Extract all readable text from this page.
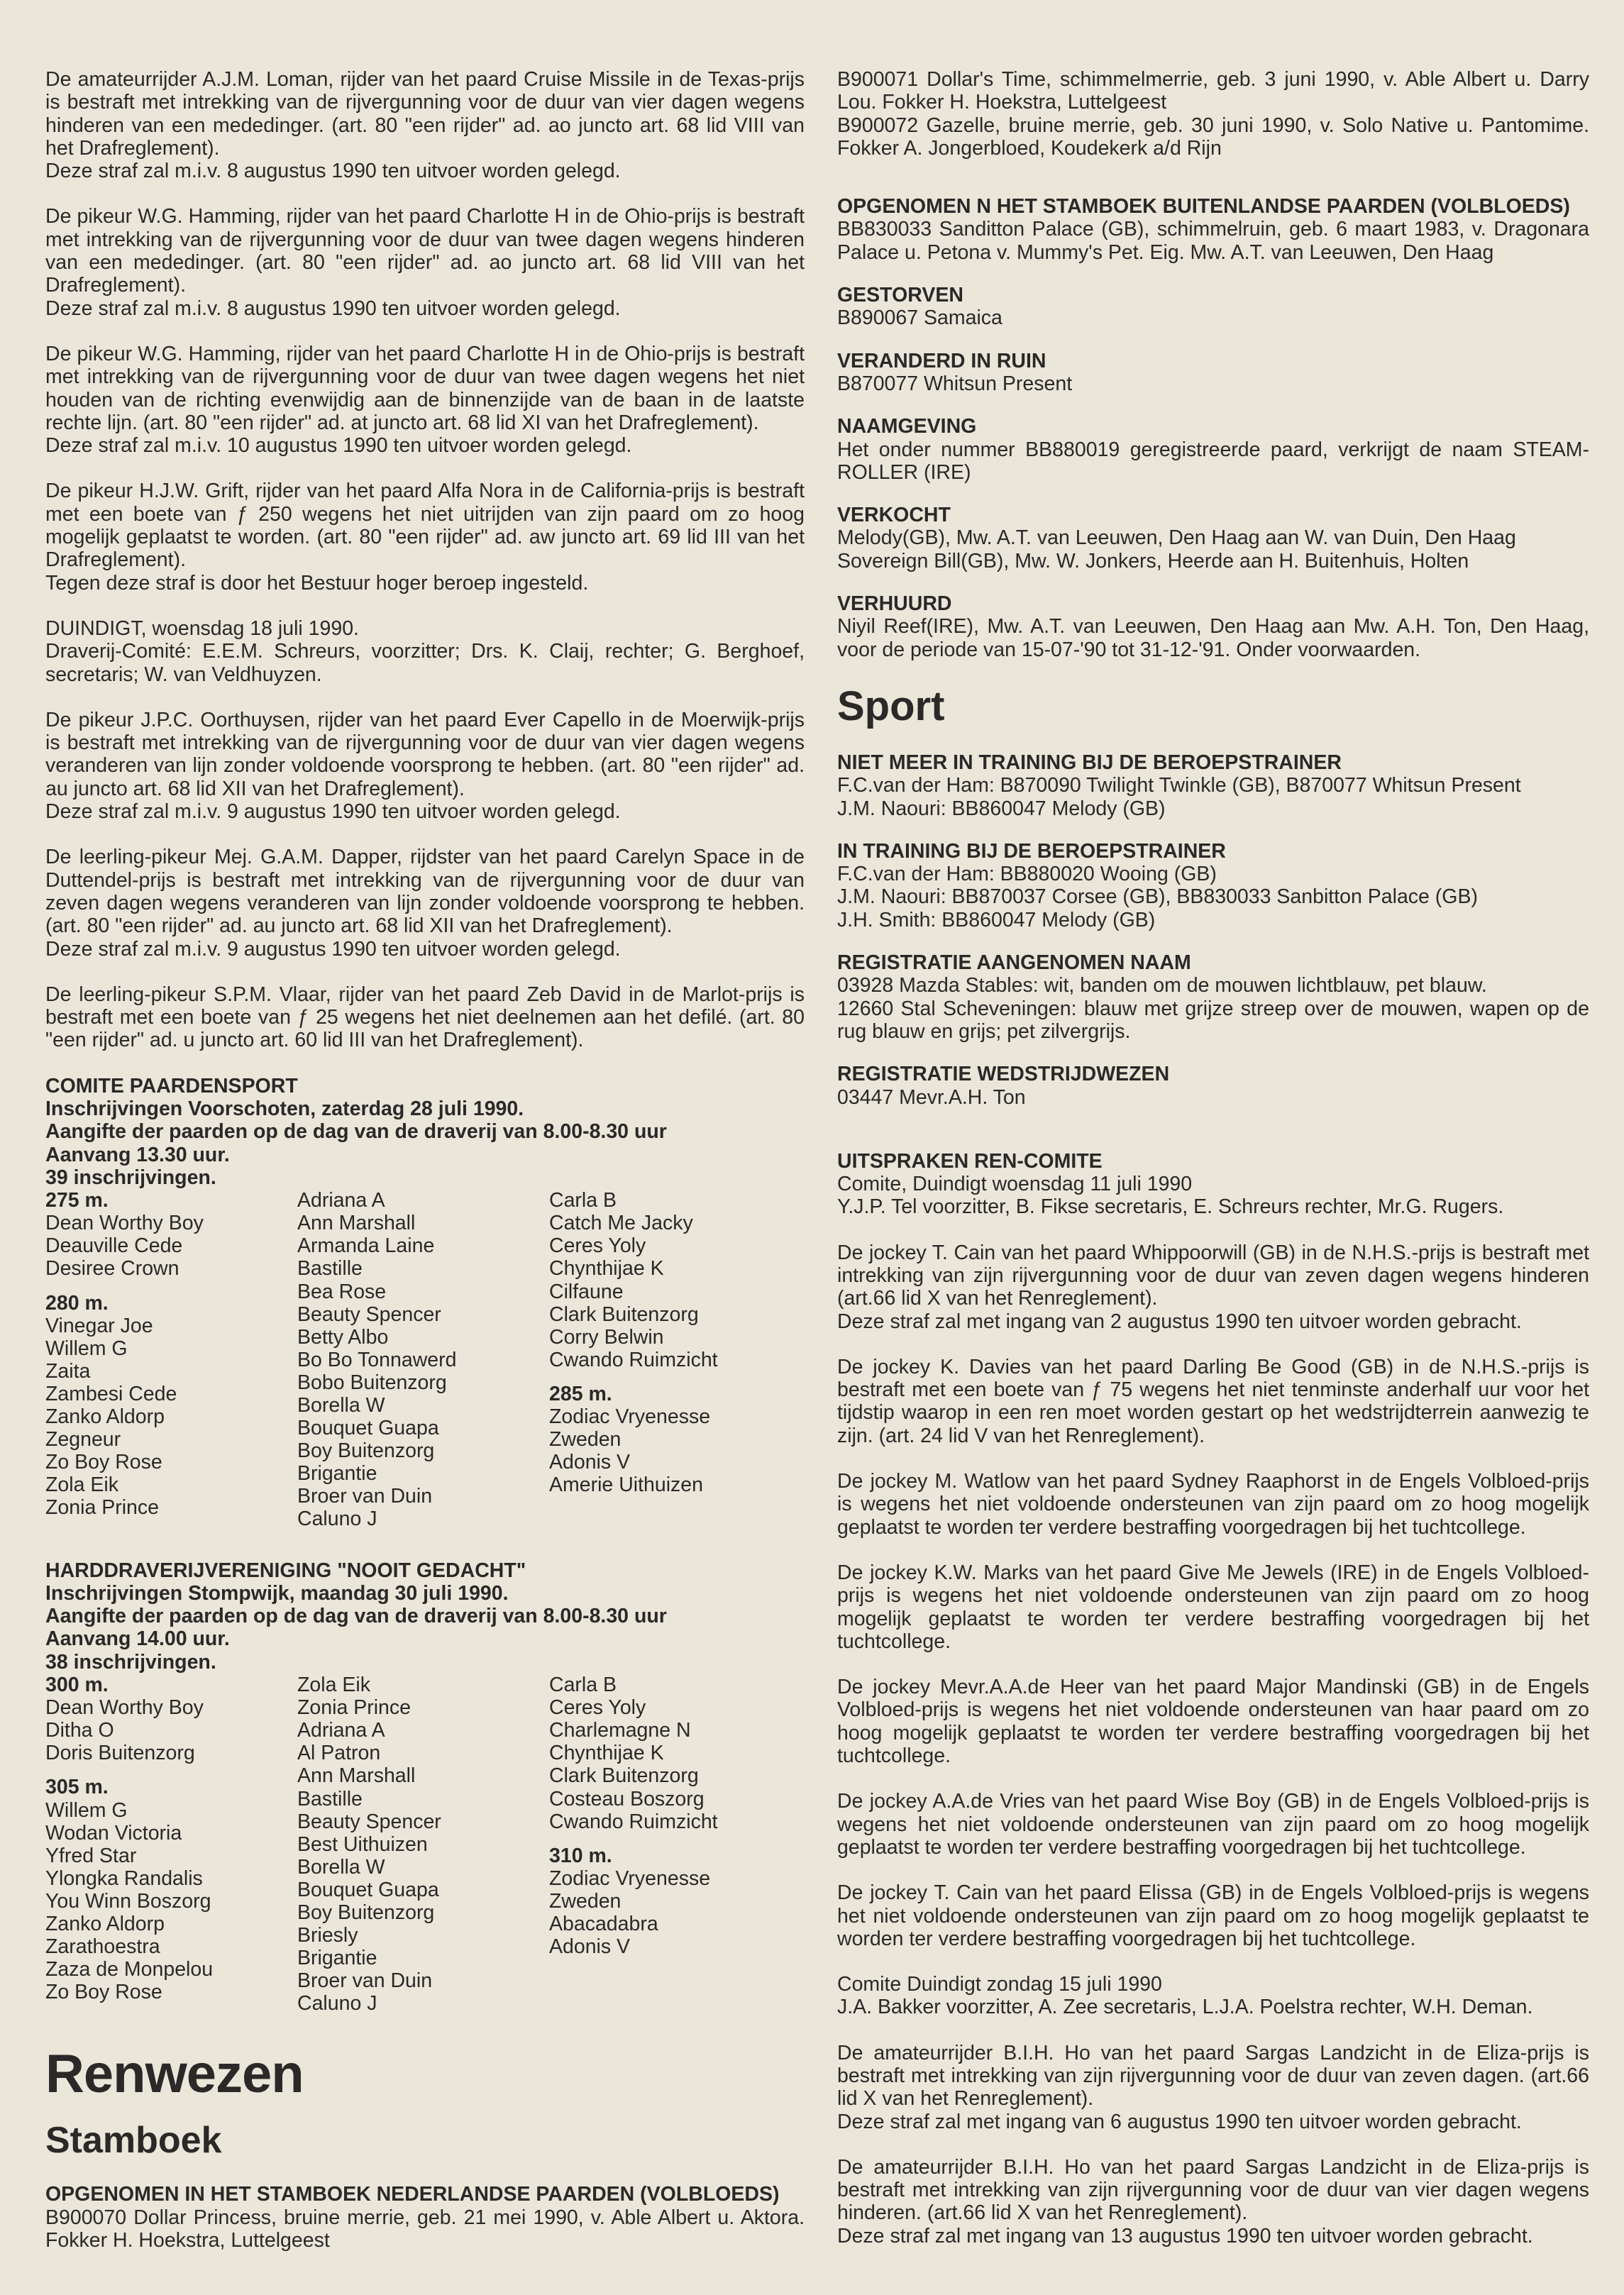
De amateurrijder A.J.M. Loman, rijder van het paard Cruise Missile in de Texas-prijs is bestraft met intrekking van de rijvergunning voor de duur van vier dagen wegens hinderen van een mededinger. (art. 80 "een rijder" ad. ao juncto art. 68 lid VIII van het Drafreglement).
Deze straf zal m.i.v. 8 augustus 1990 ten uitvoer worden gelegd.

De pikeur W.G. Hamming, rijder van het paard Charlotte H in de Ohio-prijs is bestraft met intrekking van de rijvergunning voor de duur van twee dagen wegens hinderen van een mededinger. (art. 80 "een rijder" ad. ao juncto art. 68 lid VIII van het Drafreglement).
Deze straf zal m.i.v. 8 augustus 1990 ten uitvoer worden gelegd.

De pikeur W.G. Hamming, rijder van het paard Charlotte H in de Ohio-prijs is bestraft met intrekking van de rijvergunning voor de duur van twee dagen wegens het niet houden van de richting evenwijdig aan de binnenzijde van de baan in de laatste rechte lijn. (art. 80 "een rijder" ad. at juncto art. 68 lid XI van het Drafreglement).
Deze straf zal m.i.v. 10 augustus 1990 ten uitvoer worden gelegd.

De pikeur H.J.W. Grift, rijder van het paard Alfa Nora in de California-prijs is bestraft met een boete van ƒ 250 wegens het niet uitrijden van zijn paard om zo hoog mogelijk geplaatst te worden. (art. 80 "een rijder" ad. aw juncto art. 69 lid III van het Drafreglement).
Tegen deze straf is door het Bestuur hoger beroep ingesteld.

DUINDIGT, woensdag 18 juli 1990.
Draverij-Comité: E.E.M. Schreurs, voorzitter; Drs. K. Claij, rechter; G. Berghoef, secretaris; W. van Veldhuyzen.

De pikeur J.P.C. Oorthuysen, rijder van het paard Ever Capello in de Moerwijk-prijs is bestraft met intrekking van de rijvergunning voor de duur van vier dagen wegens veranderen van lijn zonder voldoende voorsprong te hebben. (art. 80 "een rijder" ad. au juncto art. 68 lid XII van het Drafreglement).
Deze straf zal m.i.v. 9 augustus 1990 ten uitvoer worden gelegd.

De leerling-pikeur Mej. G.A.M. Dapper, rijdster van het paard Carelyn Space in de Duttendel-prijs is bestraft met intrekking van de rijvergunning voor de duur van zeven dagen wegens veranderen van lijn zonder voldoende voorsprong te hebben. (art. 80 "een rijder" ad. au juncto art. 68 lid XII van het Drafreglement).
Deze straf zal m.i.v. 9 augustus 1990 ten uitvoer worden gelegd.

De leerling-pikeur S.P.M. Vlaar, rijder van het paard Zeb David in de Marlot-prijs is bestraft met een boete van ƒ 25 wegens het niet deelnemen aan het defilé. (art. 80 "een rijder" ad. u juncto art. 60 lid III van het Drafreglement).

COMITE PAARDENSPORT
Inschrijvingen Voorschoten, zaterdag 28 juli 1990.
Aangifte der paarden op de dag van de draverij van 8.00-8.30 uur
Aanvang 13.30 uur.
39 inschrijvingen.
275 m.
Dean Worthy Boy
Deauville Cede
Desiree Crown

280 m.
Vinegar Joe
Willem G
Zaita
Zambesi Cede
Zanko Aldorp
Zegneur
Zo Boy Rose
Zola Eik
Zonia Prince
Adriana A
Ann Marshall
Armanda Laine
Bastille
Bea Rose
Beauty Spencer
Betty Albo
Bo Bo Tonnawerd
Bobo Buitenzorg
Borella W
Bouquet Guapa
Boy Buitenzorg
Brigantie
Broer van Duin
Caluno J
Carla B
Catch Me Jacky
Ceres Yoly
Chynthijae K
Cilfaune
Clark Buitenzorg
Corry Belwin
Cwando Ruimzicht

285 m.
Zodiac Vryenesse
Zweden
Adonis V
Amerie Uithuizen
HARDDRAVERIJVERENIGING "NOOIT GEDACHT"
Inschrijvingen Stompwijk, maandag 30 juli 1990.
Aangifte der paarden op de dag van de draverij van 8.00-8.30 uur
Aanvang 14.00 uur.
38 inschrijvingen.
300 m.
Dean Worthy Boy
Ditha O
Doris Buitenzorg

305 m.
Willem G
Wodan Victoria
Yfred Star
Ylongka Randalis
You Winn Boszorg
Zanko Aldorp
Zarathoestra
Zaza de Monpelou
Zo Boy Rose
Zola Eik
Zonia Prince
Adriana A
Al Patron
Ann Marshall
Bastille
Beauty Spencer
Best Uithuizen
Borella W
Bouquet Guapa
Boy Buitenzorg
Briesly
Brigantie
Broer van Duin
Caluno J
Carla B
Ceres Yoly
Charlemagne N
Chynthijae K
Clark Buitenzorg
Costeau Boszorg
Cwando Ruimzicht

310 m.
Zodiac Vryenesse
Zweden
Abacadabra
Adonis V
Renwezen
Stamboek
OPGENOMEN IN HET STAMBOEK NEDERLANDSE PAARDEN (VOLBLOEDS)

B900070 Dollar Princess, bruine merrie, geb. 21 mei 1990, v. Able Albert u. Aktora. Fokker H. Hoekstra, Luttelgeest

B900071 Dollar's Time, schimmelmerrie, geb. 3 juni 1990, v. Able Albert u. Darry Lou. Fokker H. Hoekstra, Luttelgeest
B900072 Gazelle, bruine merrie, geb. 30 juni 1990, v. Solo Native u. Pantomime. Fokker A. Jongerbloed, Koudekerk a/d Rijn

OPGENOMEN N HET STAMBOEK BUITENLANDSE PAARDEN (VOLBLOEDS)

BB830033 Sanditton Palace (GB), schimmelruin, geb. 6 maart 1983, v. Dragonara Palace u. Petona v. Mummy's Pet. Eig. Mw. A.T. van Leeuwen, Den Haag

GESTORVEN

B890067 Samaica

VERANDERD IN RUIN

B870077 Whitsun Present

NAAMGEVING

Het onder nummer BB880019 geregistreerde paard, verkrijgt de naam STEAM-ROLLER (IRE)

VERKOCHT

Melody(GB), Mw. A.T. van Leeuwen, Den Haag aan W. van Duin, Den Haag
Sovereign Bill(GB), Mw. W. Jonkers, Heerde aan H. Buitenhuis, Holten

VERHUURD

Niyil Reef(IRE), Mw. A.T. van Leeuwen, Den Haag aan Mw. A.H. Ton, Den Haag, voor de periode van 15-07-'90 tot 31-12-'91. Onder voorwaarden.

Sport
NIET MEER IN TRAINING BIJ DE BEROEPSTRAINER

F.C.van der Ham: B870090 Twilight Twinkle (GB), B870077 Whitsun Present
J.M. Naouri: BB860047 Melody (GB)

IN TRAINING BIJ DE BEROEPSTRAINER

F.C.van der Ham: BB880020 Wooing (GB)
J.M. Naouri: BB870037 Corsee (GB), BB830033 Sanbitton Palace (GB)
J.H. Smith: BB860047 Melody (GB)

REGISTRATIE AANGENOMEN NAAM

03928 Mazda Stables: wit, banden om de mouwen lichtblauw, pet blauw.
12660 Stal Scheveningen: blauw met grijze streep over de mouwen, wapen op de rug blauw en grijs; pet zilvergrijs.

REGISTRATIE WEDSTRIJDWEZEN

03447 Mevr.A.H. Ton

UITSPRAKEN REN-COMITE

Comite, Duindigt woensdag 11 juli 1990
Y.J.P. Tel voorzitter, B. Fikse secretaris, E. Schreurs rechter, Mr.G. Rugers.

De jockey T. Cain van het paard Whippoorwill (GB) in de N.H.S.-prijs is bestraft met intrekking van zijn rijvergunning voor de duur van zeven dagen wegens hinderen (art.66 lid X van het Renreglement).
Deze straf zal met ingang van 2 augustus 1990 ten uitvoer worden gebracht.

De jockey K. Davies van het paard Darling Be Good (GB) in de N.H.S.-prijs is bestraft met een boete van ƒ 75 wegens het niet tenminste anderhalf uur voor het tijdstip waarop in een ren moet worden gestart op het wedstrijdterrein aanwezig te zijn. (art. 24 lid V van het Renreglement).

De jockey M. Watlow van het paard Sydney Raaphorst in de Engels Volbloed-prijs is wegens het niet voldoende ondersteunen van zijn paard om zo hoog mogelijk geplaatst te worden ter verdere bestraffing voorgedragen bij het tuchtcollege.

De jockey K.W. Marks van het paard Give Me Jewels (IRE) in de Engels Volbloed-prijs is wegens het niet voldoende ondersteunen van zijn paard om zo hoog mogelijk geplaatst te worden ter verdere bestraffing voorgedragen bij het tuchtcollege.

De jockey Mevr.A.A.de Heer van het paard Major Mandinski (GB) in de Engels Volbloed-prijs is wegens het niet voldoende ondersteunen van haar paard om zo hoog mogelijk geplaatst te worden ter verdere bestraffing voorgedragen bij het tuchtcollege.

De jockey A.A.de Vries van het paard Wise Boy (GB) in de Engels Volbloed-prijs is wegens het niet voldoende ondersteunen van zijn paard om zo hoog mogelijk geplaatst te worden ter verdere bestraffing voorgedragen bij het tuchtcollege.

De jockey T. Cain van het paard Elissa (GB) in de Engels Volbloed-prijs is wegens het niet voldoende ondersteunen van zijn paard om zo hoog mogelijk geplaatst te worden ter verdere bestraffing voorgedragen bij het tuchtcollege.

Comite Duindigt zondag 15 juli 1990
J.A. Bakker voorzitter, A. Zee secretaris, L.J.A. Poelstra rechter, W.H. Deman.

De amateurrijder B.I.H. Ho van het paard Sargas Landzicht in de Eliza-prijs is bestraft met intrekking van zijn rijvergunning voor de duur van zeven dagen. (art.66 lid X van het Renreglement).
Deze straf zal met ingang van 6 augustus 1990 ten uitvoer worden gebracht.

De amateurrijder B.I.H. Ho van het paard Sargas Landzicht in de Eliza-prijs is bestraft met intrekking van zijn rijvergunning voor de duur van vier dagen wegens hinderen. (art.66 lid X van het Renreglement).
Deze straf zal met ingang van 13 augustus 1990 ten uitvoer worden gebracht.
